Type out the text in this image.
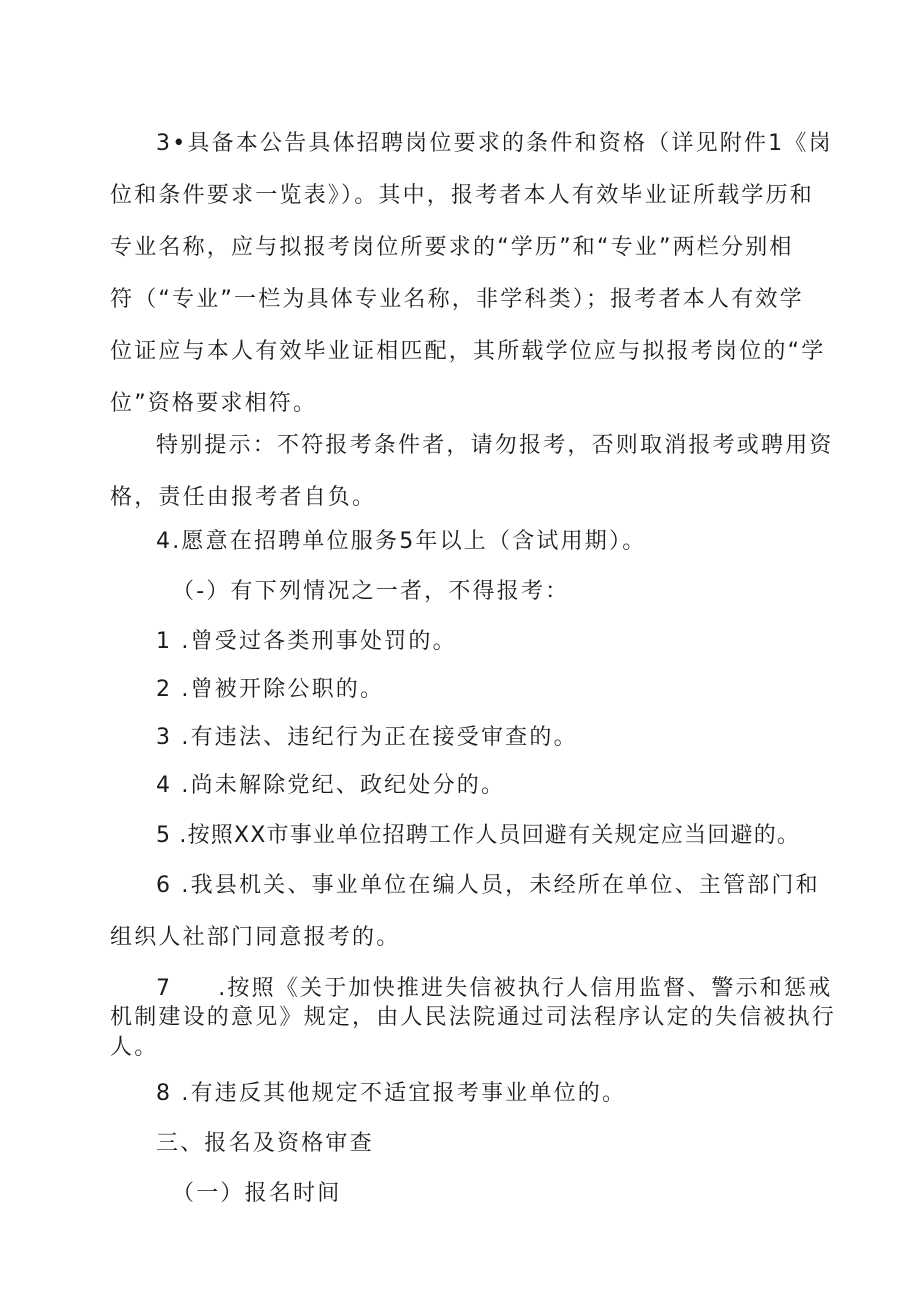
3•具备本公告具体招聘岗位要求的条件和资格（详见附件1《岗
位和条件要求一览表》）。其中，报考者本人有效毕业证所载学历和
专业名称，应与拟报考岗位所要求的“学历”和“专业”两栏分别相
符（“专业”一栏为具体专业名称，非学科类）；报考者本人有效学
位证应与本人有效毕业证相匹配，其所载学位应与拟报考岗位的“学
位”资格要求相符。
特别提示：不符报考条件者，请勿报考，否则取消报考或聘用资
格，责任由报考者自负。
4.愿意在招聘单位服务5年以上（含试用期）。
（-）有下列情况之一者，不得报考：
1 .曾受过各类刑事处罚的。
2 .曾被开除公职的。
3 .有违法、违纪行为正在接受审查的。
4 .尚未解除党纪、政纪处分的。
5 .按照XX市事业单位招聘工作人员回避有关规定应当回避的。
6 .我县机关、事业单位在编人员，未经所在单位、主管部门和
组织人社部门同意报考的。
7 .按照《关于加快推进失信被执行人信用监督、警示和惩戒
机制建设的意见》规定，由人民法院通过司法程序认定的失信被执行
人。
8 .有违反其他规定不适宜报考事业单位的。
三、报名及资格审查
（一）报名时间
